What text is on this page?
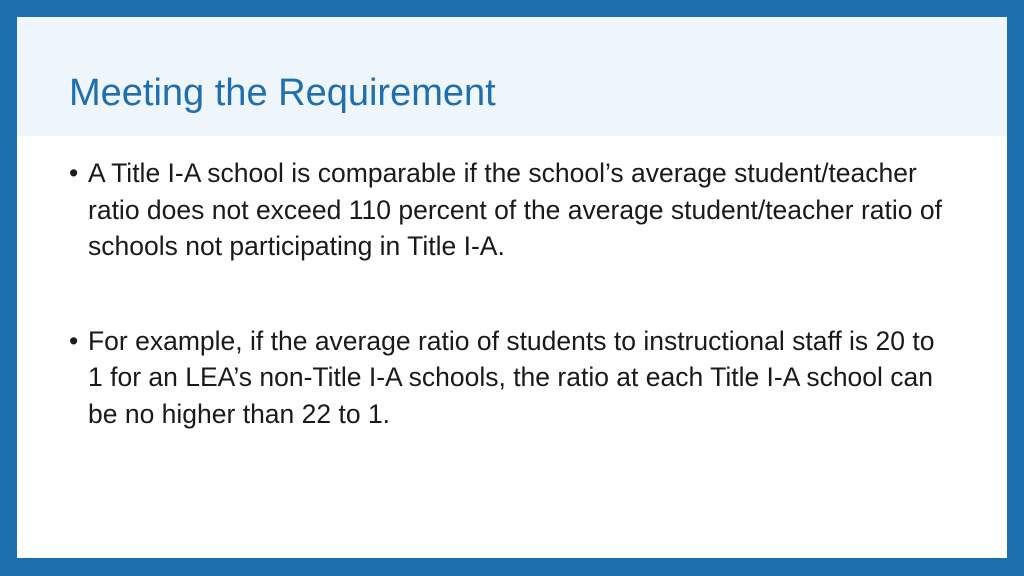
Meeting the Requirement

• A Title I-A school is comparable if the school’s average student/teacher ratio does not exceed 110 percent of the average student/teacher ratio of schools not participating in Title I-A.

• For example, if the average ratio of students to instructional staff is 20 to 1 for an LEA’s non-Title I-A schools, the ratio at each Title I-A school can be no higher than 22 to 1.
